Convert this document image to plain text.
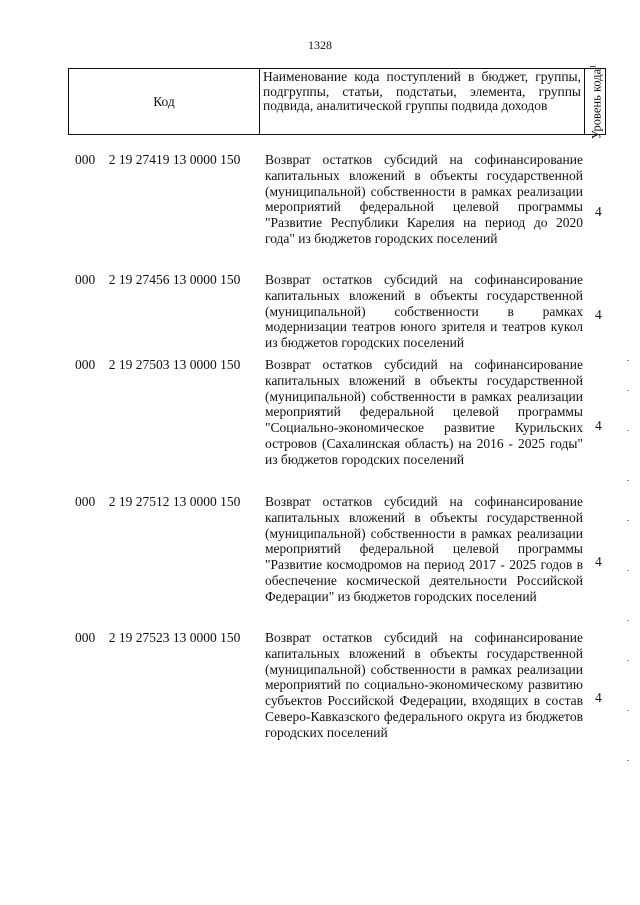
1328
Код	Наименование кода поступлений в бюджет, группы, подгруппы, статьи, подстатьи, элемента, группы подвида, аналитической группы подвида доходов	Уровень кода$^1$
000 2 19 27419 13 0000 150 Возврат остатков субсидий на софинансирование капитальных вложений в объекты государственной (муниципальной) собственности в рамках реализации мероприятий федеральной целевой программы "Развитие Республики Карелия на период до 2020 года" из бюджетов городских поселений
4
000 2 19 27456 13 0000 150 Возврат остатков субсидий на софинансирование капитальных вложений в объекты государственной (муниципальной) собственности в рамках модернизации театров юного зрителя и театров кукол из бюджетов городских поселений
4
000 2 19 27503 13 0000 150 Возврат остатков субсидий на софинансирование капитальных вложений в объекты государственной (муниципальной) собственности в рамках реализации мероприятий федеральной целевой программы "Социально-экономическое развитие Курильских островов (Сахалинская область) на 2016 - 2025 годы" из бюджетов городских поселений
4
000 2 19 27512 13 0000 150 Возврат остатков субсидий на софинансирование капитальных вложений в объекты государственной (муниципальной) собственности в рамках реализации мероприятий федеральной целевой программы "Развитие космодромов на период 2017 - 2025 годов в обеспечение космической деятельности Российской Федерации" из бюджетов городских поселений
4
000 2 19 27523 13 0000 150 Возврат остатков субсидий на софинансирование капитальных вложений в объекты государственной (муниципальной) собственности в рамках реализации мероприятий по социально-экономическому развитию субъектов Российской Федерации, входящих в состав Северо-Кавказского федерального округа из бюджетов городских поселений
4
